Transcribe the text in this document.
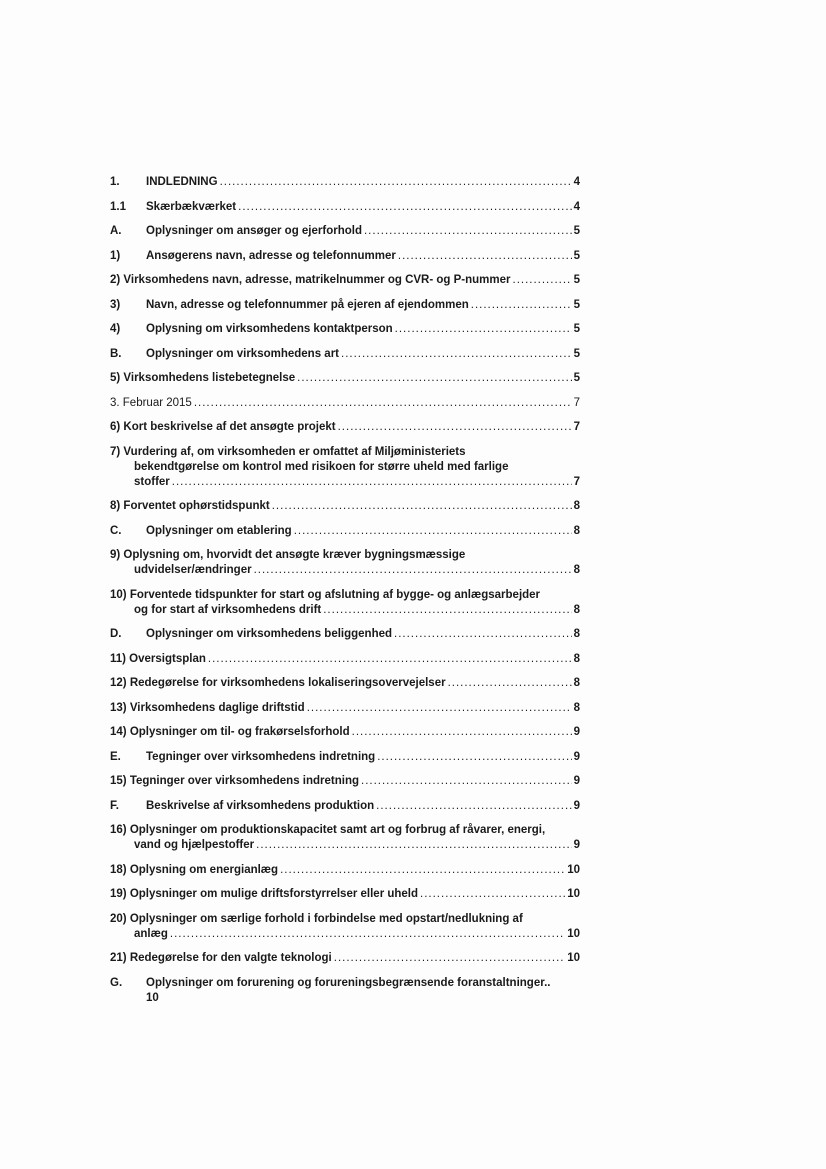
1.	INDLEDNING .....	4
1.1	Skærbækværket .....	4
A.	Oplysninger om ansøger og ejerforhold .....	5
1)	Ansøgerens navn, adresse og telefonnummer .....	5
2) Virksomhedens navn, adresse, matrikelnummer og CVR- og P-nummer .....	5
3)	Navn, adresse og telefonnummer på ejeren af ejendommen .....	5
4)	Oplysning om virksomhedens kontaktperson .....	5
B.	Oplysninger om virksomhedens art .....	5
5) Virksomhedens listebetegnelse .....	5
3. Februar 2015 .....	7
6) Kort beskrivelse af det ansøgte projekt .....	7
7) Vurdering af, om virksomheden er omfattet af Miljøministeriets
bekendtgørelse om kontrol med risikoen for større uheld med farlige
stoffer .....	7
8) Forventet ophørstidspunkt .....	8
C.	Oplysninger om etablering .....	8
9) Oplysning om, hvorvidt det ansøgte kræver bygningsmæssige
udvidelser/ændringer .....	8
10) Forventede tidspunkter for start og afslutning af bygge- og anlægsarbejder
og for start af virksomhedens drift .....	8
D.	Oplysninger om virksomhedens beliggenhed .....	8
11) Oversigtsplan .....	8
12) Redegørelse for virksomhedens lokaliseringsovervejelser .....	8
13) Virksomhedens daglige driftstid .....	8
14) Oplysninger om til- og frakørselsforhold .....	9
E.	Tegninger over virksomhedens indretning .....	9
15) Tegninger over virksomhedens indretning .....	9
F.	Beskrivelse af virksomhedens produktion .....	9
16) Oplysninger om produktionskapacitet samt art og forbrug af råvarer, energi,
vand og hjælpestoffer .....	9
18) Oplysning om energianlæg .....	10
19) Oplysninger om mulige driftsforstyrrelser eller uheld .....	10
20) Oplysninger om særlige forhold i forbindelse med opstart/nedlukning af
anlæg .....	10
21) Redegørelse for den valgte teknologi .....	10
G.	Oplysninger om forurening og forureningsbegrænsende foranstaltninger..
10
